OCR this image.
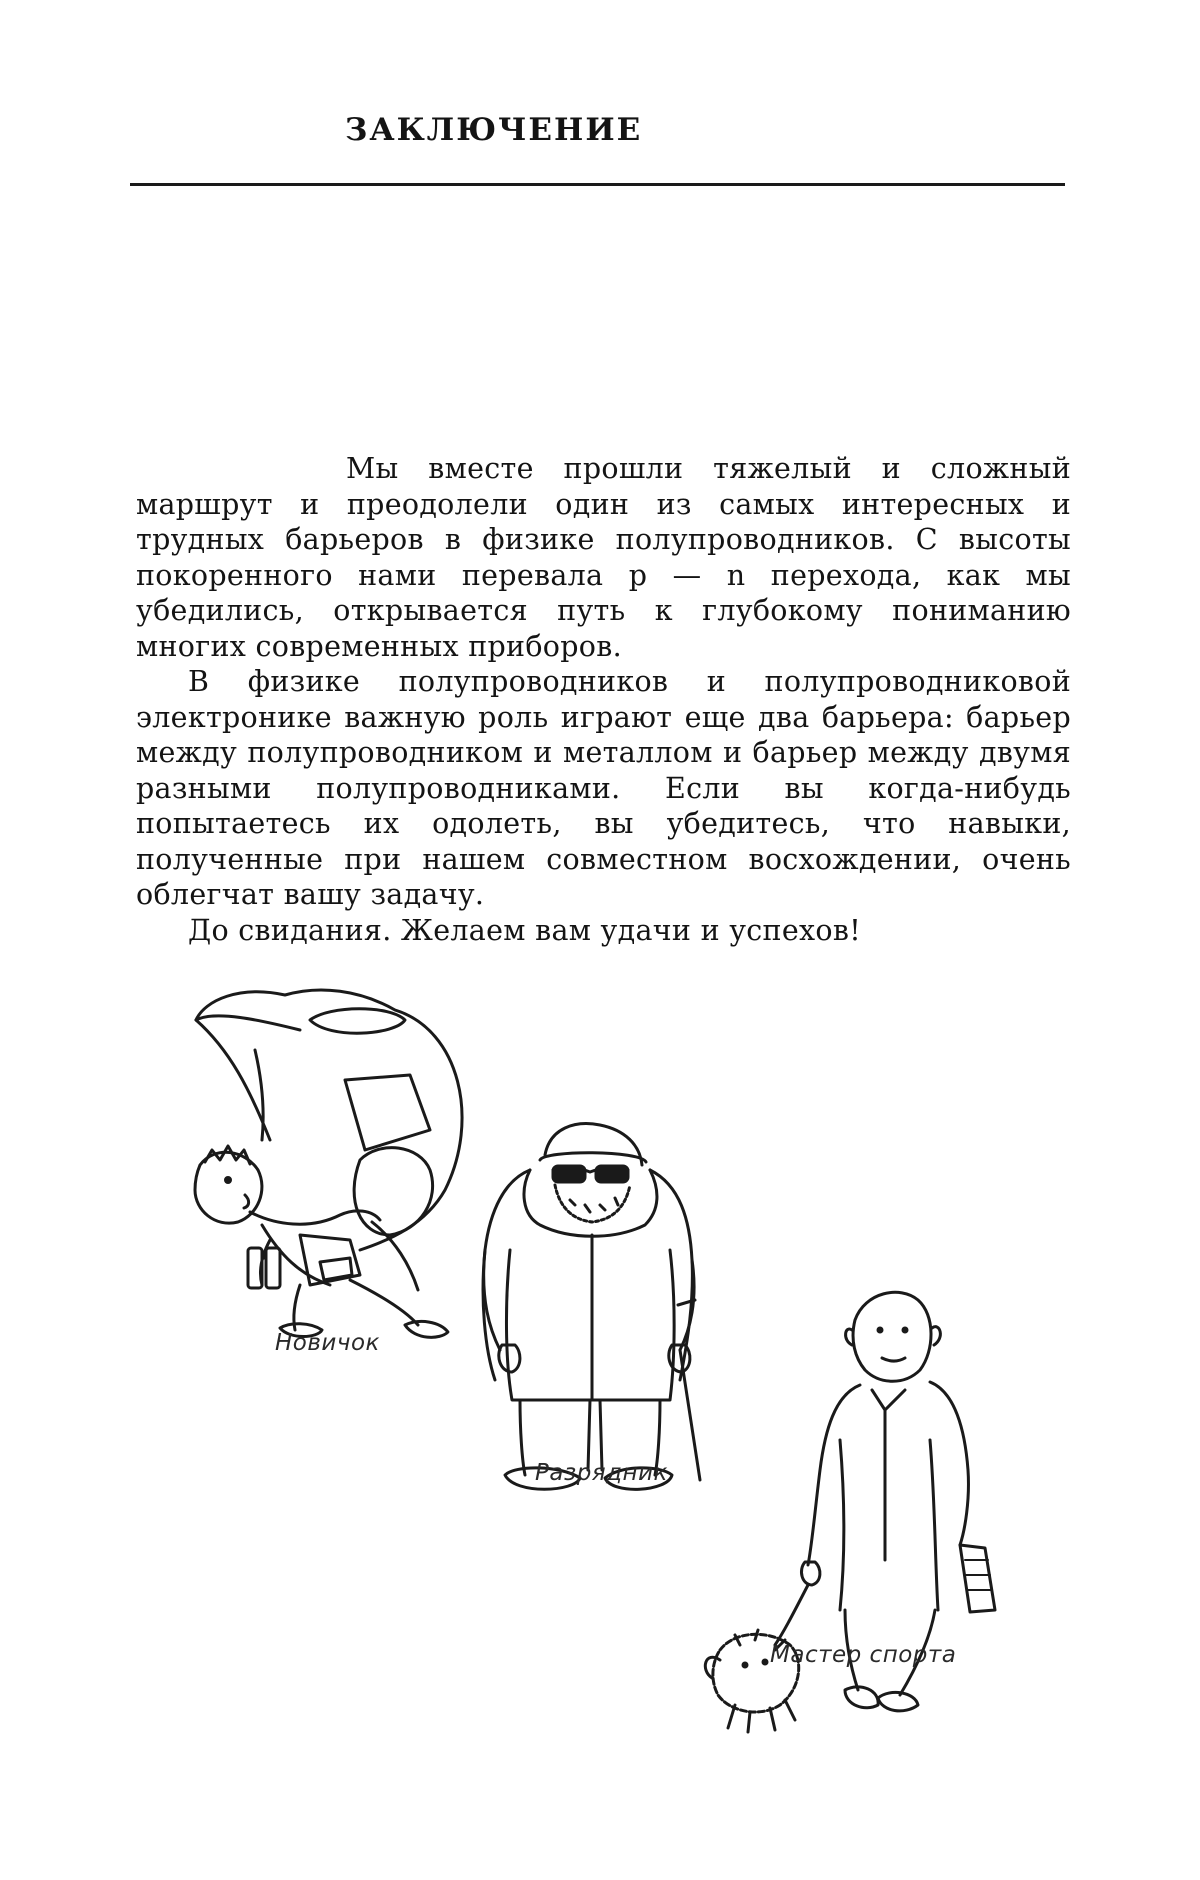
ЗАКЛЮЧЕНИЕ

Мы вместе прошли тяжелый и сложный маршрут и преодолели один из самых интересных и трудных барьеров в физике полупроводников. С высоты покоренного нами перевала p — n перехода, как мы убедились, открывается путь к глубокому пониманию многих современных приборов.

В физике полупроводников и полупроводниковой электронике важную роль играют еще два барьера: барьер между полупроводником и металлом и барьер между двумя разными полупроводниками. Если вы когда-нибудь попытаетесь их одолеть, вы убедитесь, что навыки, полученные при нашем совместном восхождении, очень облегчат вашу задачу.

До свидания. Желаем вам удачи и успехов!

Новичок
Разрядник
Мастер спорта
